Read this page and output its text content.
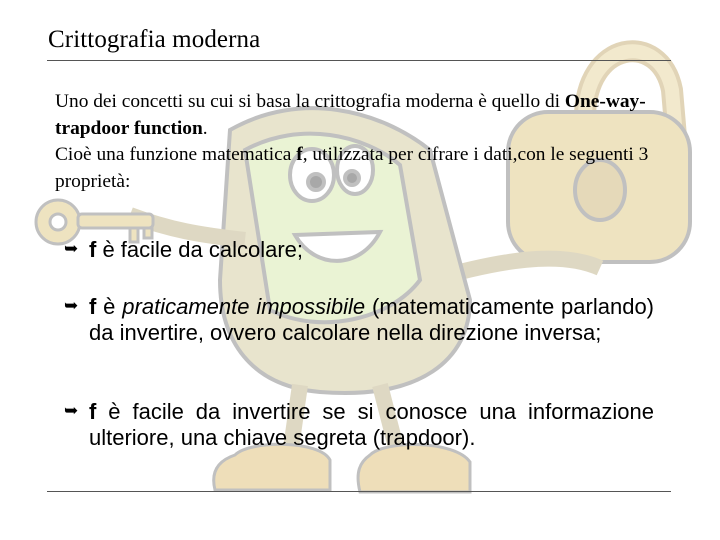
Crittografia moderna
Uno dei concetti su cui si basa la crittografia moderna è quello di One-way-trapdoor function.
Cioè una funzione matematica f, utilizzata per cifrare i dati,con le seguenti 3 proprietà:
➥ f è facile da calcolare;
➥ f è praticamente impossibile (matematicamente parlando) da invertire, ovvero calcolare nella direzione inversa;
➥ f è facile da invertire se si conosce una informazione ulteriore, una chiave segreta (trapdoor).
